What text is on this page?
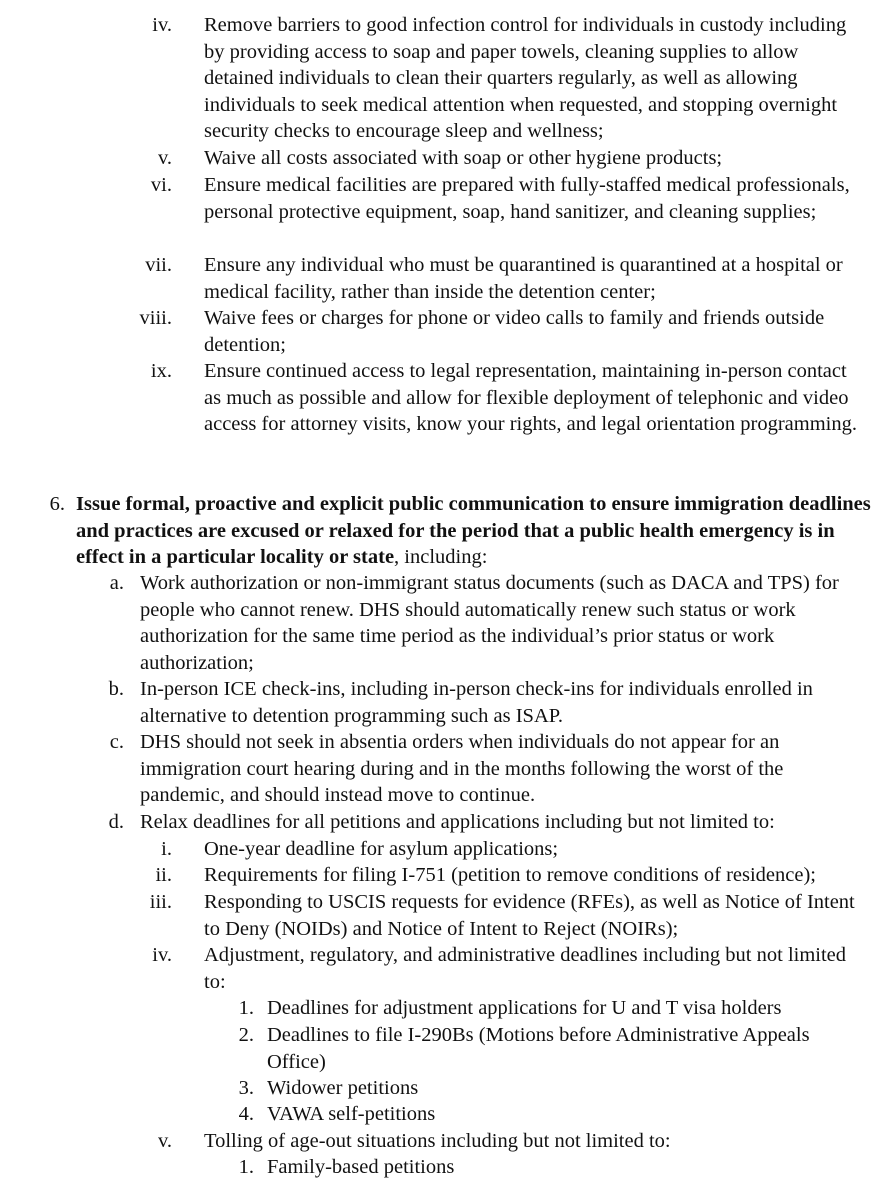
iv. Remove barriers to good infection control for individuals in custody including by providing access to soap and paper towels, cleaning supplies to allow detained individuals to clean their quarters regularly, as well as allowing individuals to seek medical attention when requested, and stopping overnight security checks to encourage sleep and wellness;
v. Waive all costs associated with soap or other hygiene products;
vi. Ensure medical facilities are prepared with fully-staffed medical professionals, personal protective equipment, soap, hand sanitizer, and cleaning supplies;
vii. Ensure any individual who must be quarantined is quarantined at a hospital or medical facility, rather than inside the detention center;
viii. Waive fees or charges for phone or video calls to family and friends outside detention;
ix. Ensure continued access to legal representation, maintaining in-person contact as much as possible and allow for flexible deployment of telephonic and video access for attorney visits, know your rights, and legal orientation programming.
6. Issue formal, proactive and explicit public communication to ensure immigration deadlines and practices are excused or relaxed for the period that a public health emergency is in effect in a particular locality or state, including:
a. Work authorization or non-immigrant status documents (such as DACA and TPS) for people who cannot renew. DHS should automatically renew such status or work authorization for the same time period as the individual’s prior status or work authorization;
b. In-person ICE check-ins, including in-person check-ins for individuals enrolled in alternative to detention programming such as ISAP.
c. DHS should not seek in absentia orders when individuals do not appear for an immigration court hearing during and in the months following the worst of the pandemic, and should instead move to continue.
d. Relax deadlines for all petitions and applications including but not limited to:
i. One-year deadline for asylum applications;
ii. Requirements for filing I-751 (petition to remove conditions of residence);
iii. Responding to USCIS requests for evidence (RFEs), as well as Notice of Intent to Deny (NOIDs) and Notice of Intent to Reject (NOIRs);
iv. Adjustment, regulatory, and administrative deadlines including but not limited to:
1. Deadlines for adjustment applications for U and T visa holders
2. Deadlines to file I-290Bs (Motions before Administrative Appeals Office)
3. Widower petitions
4. VAWA self-petitions
v. Tolling of age-out situations including but not limited to:
1. Family-based petitions
